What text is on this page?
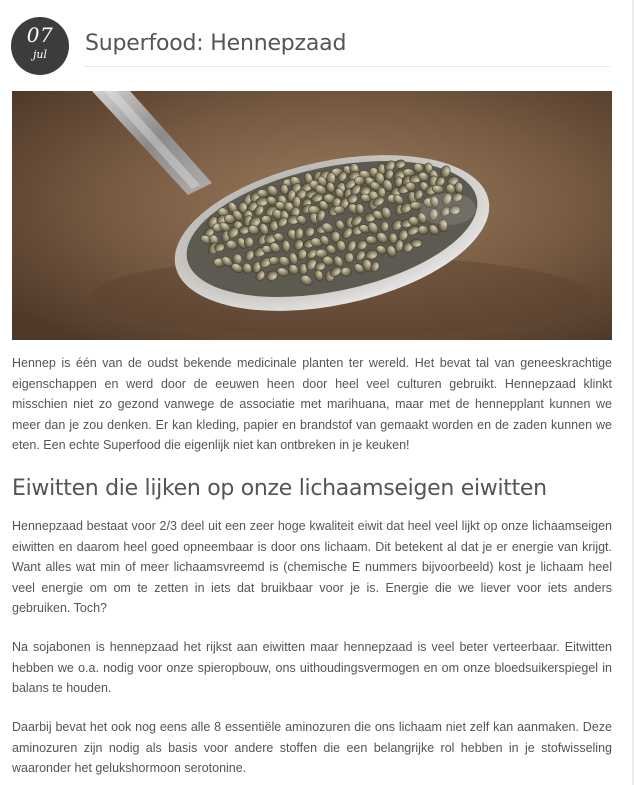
07
jul	Superfood: Hennepzaad

Hennep is één van de oudst bekende medicinale planten ter wereld. Het bevat tal van geneeskrachtige eigenschappen en werd door de eeuwen heen door heel veel culturen gebruikt. Hennepzaad klinkt misschien niet zo gezond vanwege de associatie met marihuana, maar met de hennepplant kunnen we meer dan je zou denken. Er kan kleding, papier en brandstof van gemaakt worden en de zaden kunnen we eten. Een echte Superfood die eigenlijk niet kan ontbreken in je keuken!

Eiwitten die lijken op onze lichaamseigen eiwitten

Hennepzaad bestaat voor 2/3 deel uit een zeer hoge kwaliteit eiwit dat heel veel lijkt op onze lichaamseigen eiwitten en daarom heel goed opneembaar is door ons lichaam. Dit betekent al dat je er energie van krijgt. Want alles wat min of meer lichaamsvreemd is (chemische E nummers bijvoorbeeld) kost je lichaam heel veel energie om om te zetten in iets dat bruikbaar voor je is. Energie die we liever voor iets anders gebruiken. Toch?

Na sojabonen is hennepzaad het rijkst aan eiwitten maar hennepzaad is veel beter verteerbaar. Eitwitten hebben we o.a. nodig voor onze spieropbouw, ons uithoudingsvermogen en om onze bloedsuikerspiegel in balans te houden.

Daarbij bevat het ook nog eens alle 8 essentiële aminozuren die ons lichaam niet zelf kan aanmaken. Deze aminozuren zijn nodig als basis voor andere stoffen die een belangrijke rol hebben in je stofwisseling waaronder het gelukshormoon serotonine.
